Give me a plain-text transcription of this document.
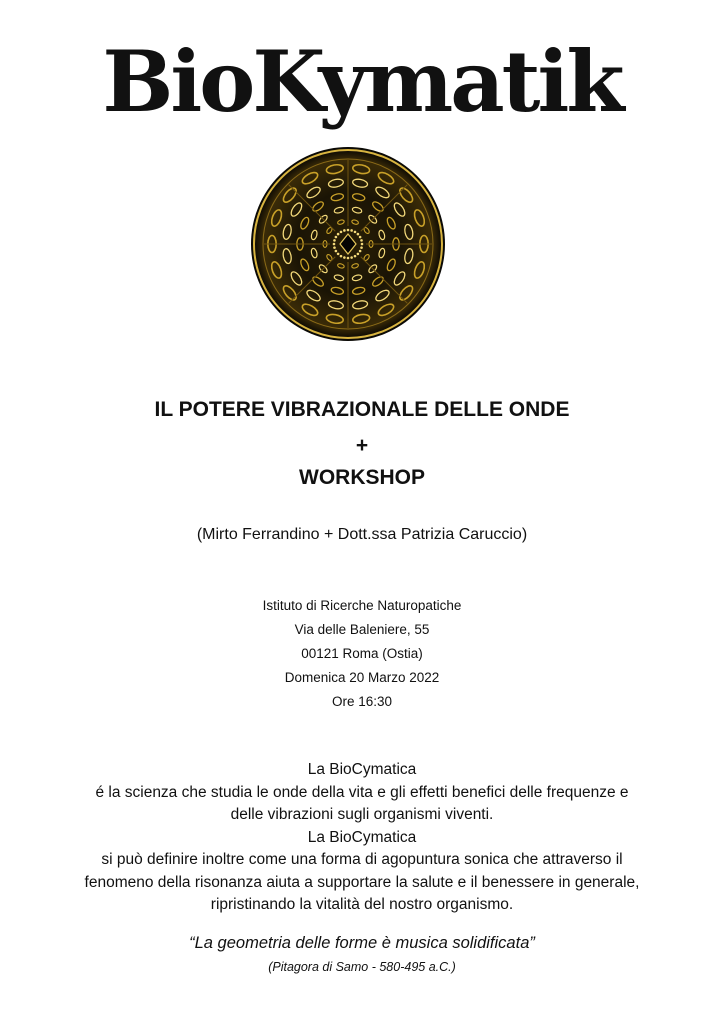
BioKymatik
IL POTERE VIBRAZIONALE DELLE ONDE
+
WORKSHOP
(Mirto Ferrandino + Dott.ssa Patrizia Caruccio)
Istituto di Ricerche Naturopatiche
Via delle Baleniere, 55
00121 Roma (Ostia)
Domenica 20 Marzo 2022
Ore 16:30
La BioCymatica
é la scienza che studia le onde della vita e gli effetti benefici delle frequenze e
delle vibrazioni sugli organismi viventi.
La BioCymatica
si può definire inoltre come una forma di agopuntura sonica che attraverso il
fenomeno della risonanza aiuta a supportare la salute e il benessere in generale,
ripristinando la vitalità del nostro organismo.
“La geometria delle forme è musica solidificata”
(Pitagora di Samo - 580-495 a.C.)
